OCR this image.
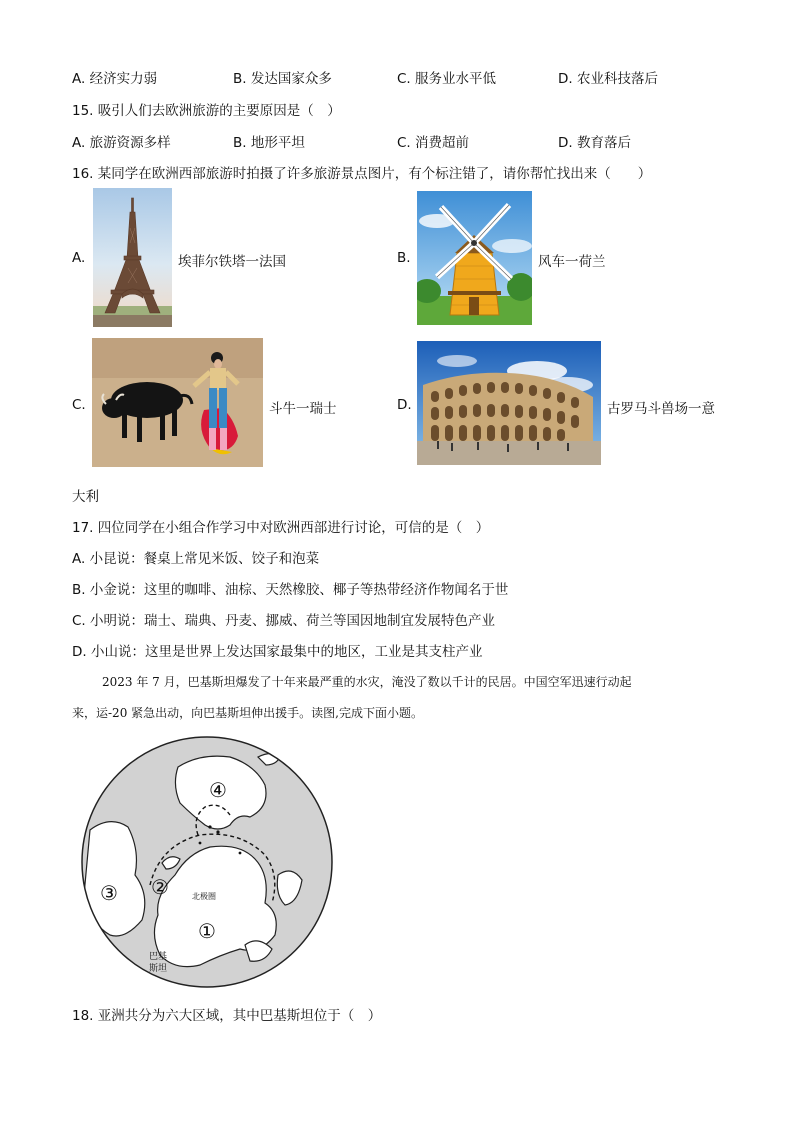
A. 经济实力弱	B. 发达国家众多	C. 服务业水平低	D. 农业科技落后
15. 吸引人们去欧洲旅游的主要原因是（　）
A. 旅游资源多样	B. 地形平坦	C. 消费超前	D. 教育落后
16. 某同学在欧洲西部旅游时拍摄了许多旅游景点图片，有个标注错了，请你帮忙找出来（　　）
A.	埃菲尔铁塔一法国	B.	风车一荷兰
C.	斗牛一瑞士	D.	古罗马斗兽场一意
大利
17. 四位同学在小组合作学习中对欧洲西部进行讨论，可信的是（　）
A. 小昆说：餐桌上常见米饭、饺子和泡菜
B. 小金说：这里的咖啡、油棕、天然橡胶、椰子等热带经济作物闻名于世
C. 小明说：瑞士、瑞典、丹麦、挪威、荷兰等国因地制宜发展特色产业
D. 小山说：这里是世界上发达国家最集中的地区，工业是其支柱产业
2023 年 7 月，巴基斯坦爆发了十年来最严重的水灾，淹没了数以千计的民居。中国空军迅速行动起
来，运-20 紧急出动，向巴基斯坦伸出援手。读图,完成下面小题。
④
②
③
①
北极圈
巴基
斯坦
18. 亚洲共分为六大区域，其中巴基斯坦位于（　）
